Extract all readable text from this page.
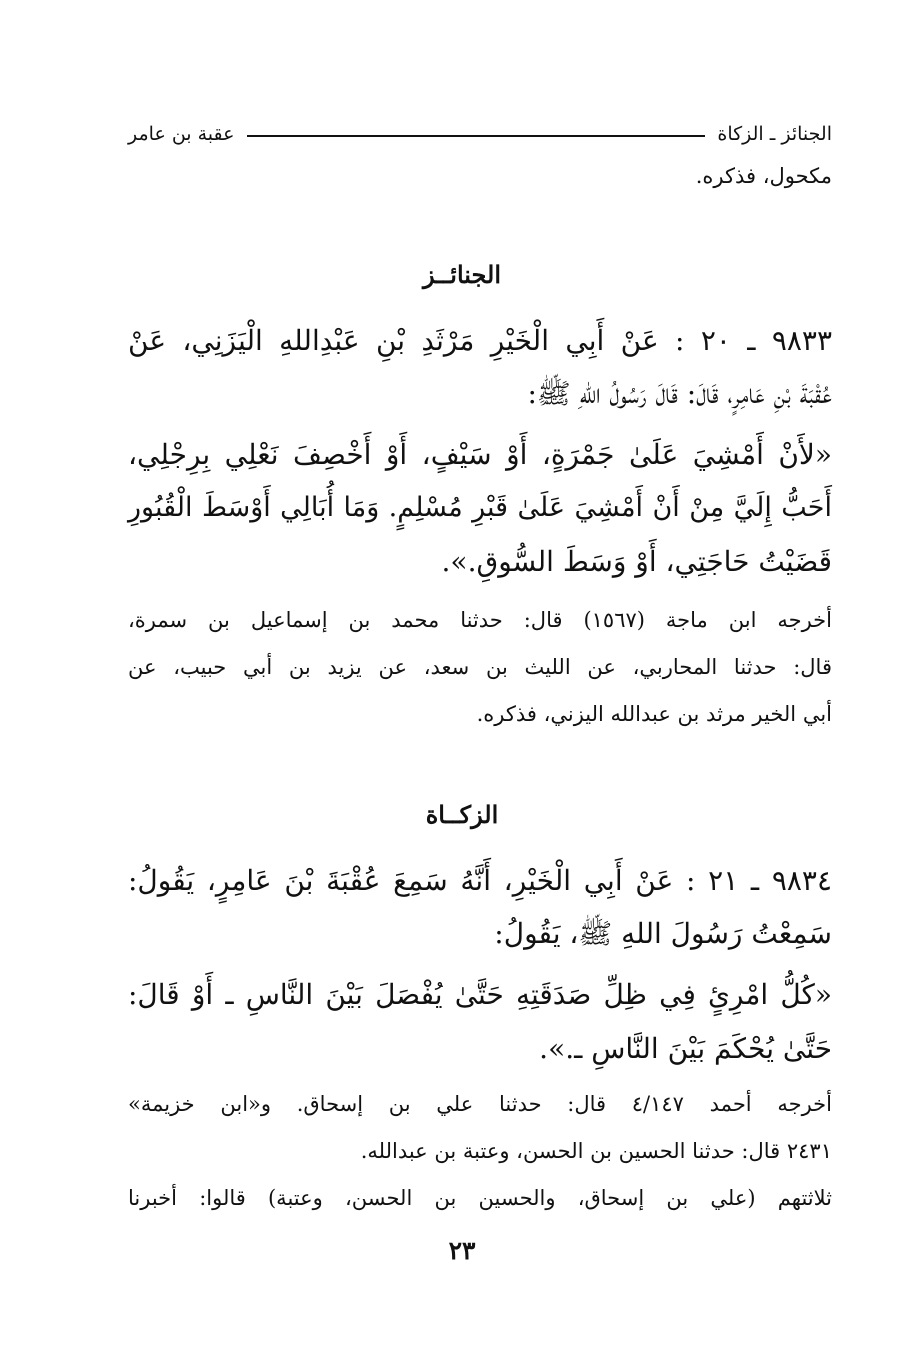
الجنائز ـ الزكاة
عقبة بن عامر
مكحول، فذكره.
الجنائــز
٩٨٣٣ ـ ٢٠ : عَنْ أَبِي الْخَيْرِ مَرْثَدِ بْنِ عَبْدِاللهِ الْيَزَنِي، عَنْ
عُقْبَةَ بْنِ عَامِرٍ، قَالَ: قَالَ رَسُولُ اللهِ ﷺ:
«لأَنْ أَمْشِيَ عَلَىٰ جَمْرَةٍ، أَوْ سَيْفٍ، أَوْ أَخْصِفَ نَعْلِي بِرِجْلِي،
أَحَبُّ إِلَيَّ مِنْ أَنْ أَمْشِيَ عَلَىٰ قَبْرِ مُسْلِمٍ. وَمَا أُبَالِي أَوْسَطَ الْقُبُورِ
قَضَيْتُ حَاجَتِي، أَوْ وَسَطَ السُّوقِ.».
أخرجه ابن ماجة (١٥٦٧) قال: حدثنا محمد بن إسماعيل بن سمرة،
قال: حدثنا المحاربي، عن الليث بن سعد، عن يزيد بن أبي حبيب، عن
أبي الخير مرثد بن عبدالله اليزني، فذكره.
الزكــاة
٩٨٣٤ ـ ٢١ : عَنْ أَبِي الْخَيْرِ، أَنَّهُ سَمِعَ عُقْبَةَ بْنَ عَامِرٍ، يَقُولُ:
سَمِعْتُ رَسُولَ اللهِ ﷺ، يَقُولُ:
«كُلُّ امْرِئٍ فِي ظِلِّ صَدَقَتِهِ حَتَّىٰ يُفْصَلَ بَيْنَ النَّاسِ ـ أَوْ قَالَ:
حَتَّىٰ يُحْكَمَ بَيْنَ النَّاسِ ـ.».
أخرجه أحمد ٤/١٤٧ قال: حدثنا علي بن إسحاق. و«ابن خزيمة»
٢٤٣١ قال: حدثنا الحسين بن الحسن، وعتبة بن عبدالله.
ثلاثتهم (علي بن إسحاق، والحسين بن الحسن، وعتبة) قالوا: أخبرنا
٢٣
